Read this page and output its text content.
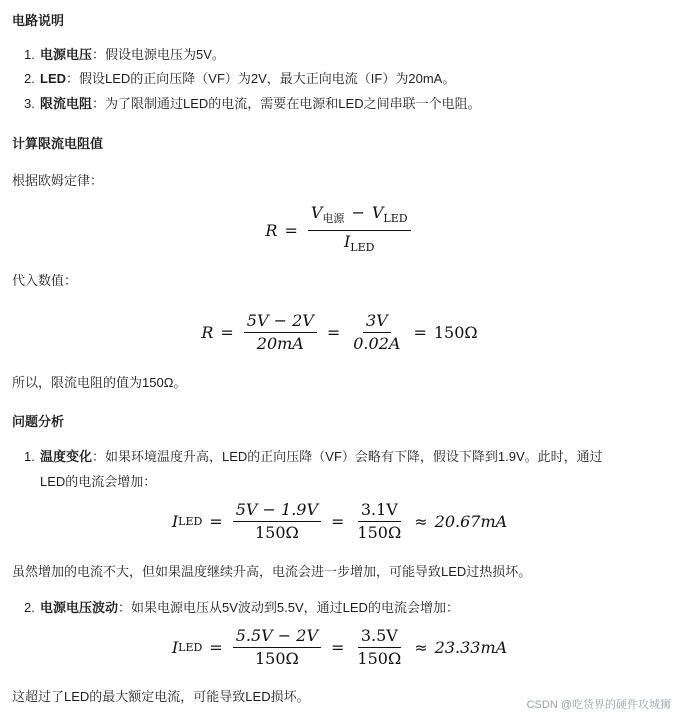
电路说明
1. 电源电压：假设电源电压为5V。
2. LED：假设LED的正向压降（VF）为2V，最大正向电流（IF）为20mA。
3. 限流电阻：为了限制通过LED的电流，需要在电源和LED之间串联一个电阻。
计算限流电阻值
根据欧姆定律：
$R = \frac{V_{电源} - V_{LED}}{I_{LED}}$
代入数值：
$R = \frac{5V - 2V}{20mA} = \frac{3V}{0.02A} = 150\Omega$
所以，限流电阻的值为150Ω。
问题分析
1. 温度变化：如果环境温度升高，LED的正向压降（VF）会略有下降，假设下降到1.9V。此时，通过
LED的电流会增加：
I LED = $\frac{5V - 1.9V}{150\Omega} = \frac{3.1V}{150\Omega} \approx 20.67mA$
虽然增加的电流不大，但如果温度继续升高，电流会进一步增加，可能导致LED过热损坏。
2. 电源电压波动：如果电源电压从5V波动到5.5V，通过LED的电流会增加：
I LED = $\frac{5.5V - 2V}{150\Omega} = \frac{3.5V}{150\Omega} \approx 23.33mA$
这超过了LED的最大额定电流，可能导致LED损坏。
CSDN @吃货界的硬件攻城狮
